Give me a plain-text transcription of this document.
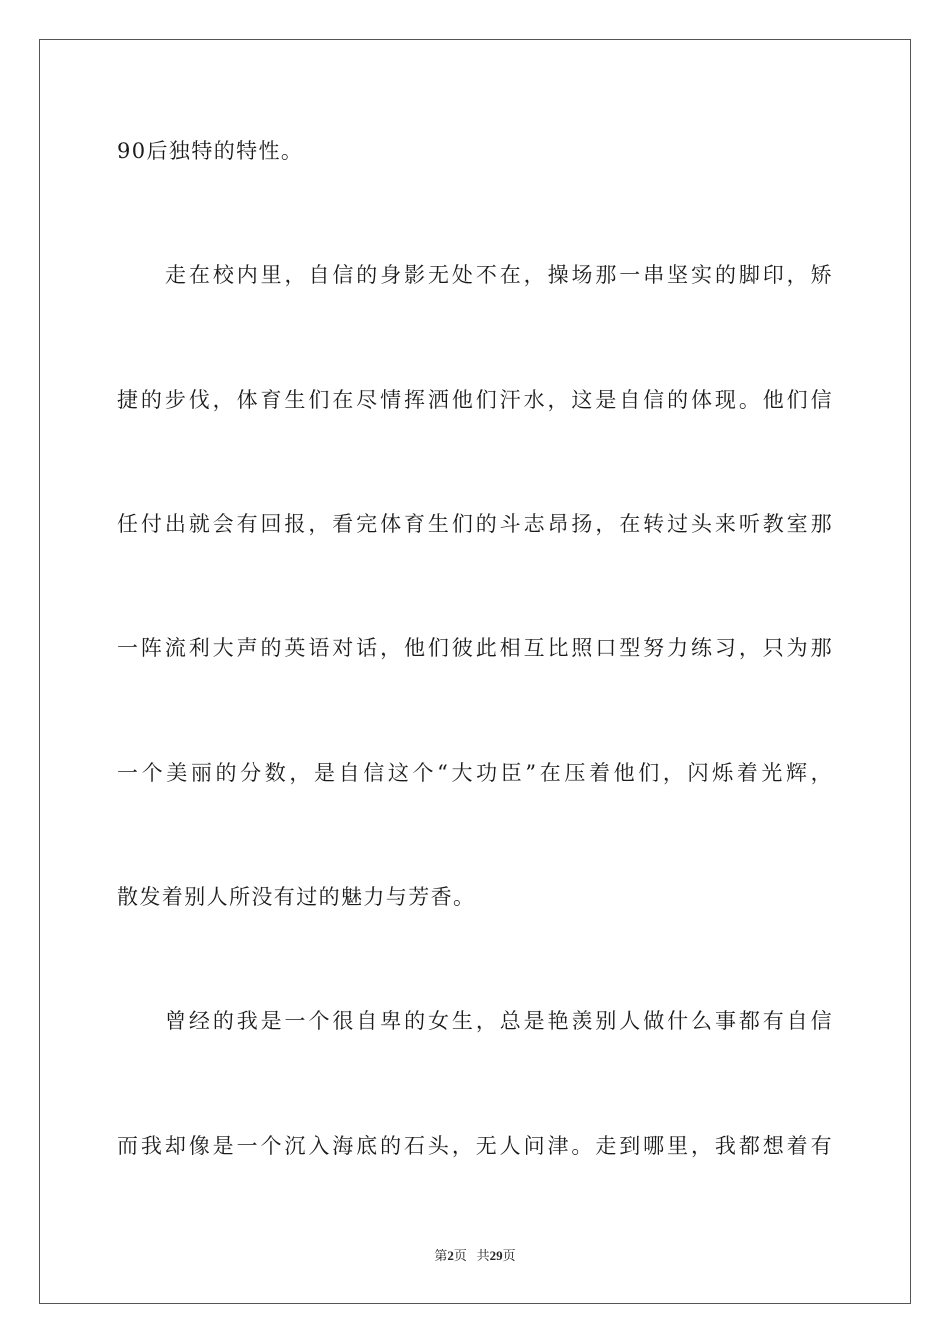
90后独特的特性。
走在校内里，自信的身影无处不在，操场那一串坚实的脚印，矫
捷的步伐，体育生们在尽情挥洒他们汗水，这是自信的体现。他们信
任付出就会有回报，看完体育生们的斗志昂扬，在转过头来听教室那
一阵流利大声的英语对话，他们彼此相互比照口型努力练习，只为那
一个美丽的分数，是自信这个“大功臣”在压着他们，闪烁着光辉，
散发着别人所没有过的魅力与芳香。
曾经的我是一个很自卑的女生，总是艳羡别人做什么事都有自信
而我却像是一个沉入海底的石头，无人问津。走到哪里，我都想着有
第2页 共29页
